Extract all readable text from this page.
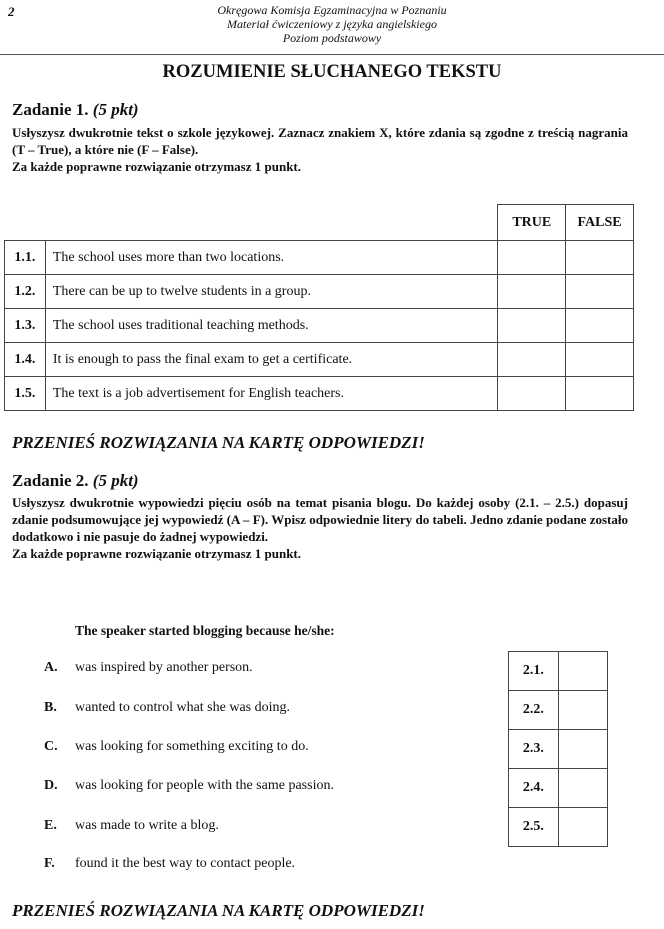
2	Okręgowa Komisja Egzaminacyjna w Poznaniu
Materiał ćwiczeniowy z języka angielskiego
Poziom podstawowy
ROZUMIENIE SŁUCHANEGO TEKSTU
Zadanie 1. (5 pkt)

Usłyszysz dwukrotnie tekst o szkole językowej. Zaznacz znakiem X, które zdania są zgodne z treścią nagrania (T – True), a które nie (F – False).

Za każde poprawne rozwiązanie otrzymasz 1 punkt.

		TRUE	FALSE
1.1.	The school uses more than two locations.		
1.2.	There can be up to twelve students in a group.		
1.3.	The school uses traditional teaching methods.		
1.4.	It is enough to pass the final exam to get a certificate.		
1.5.	The text is a job advertisement for English teachers.		
PRZENIEŚ ROZWIĄZANIA NA KARTĘ ODPOWIEDZI!
Zadanie 2. (5 pkt)

Usłyszysz dwukrotnie wypowiedzi pięciu osób na temat pisania blogu. Do każdej osoby (2.1. – 2.5.) dopasuj zdanie podsumowujące jej wypowiedź (A – F). Wpisz odpowiednie litery do tabeli. Jedno zdanie podane zostało dodatkowo i nie pasuje do żadnej wypowiedzi.

Za każde poprawne rozwiązanie otrzymasz 1 punkt.

The speaker started blogging because he/she:
A. was inspired by another person.
B. wanted to control what she was doing.
C. was looking for something exciting to do.
D. was looking for people with the same passion.
E. was made to write a blog.
F. found it the best way to contact people.
2.1.	
2.2.	
2.3.	
2.4.	
2.5.	
PRZENIEŚ ROZWIĄZANIA NA KARTĘ ODPOWIEDZI!
